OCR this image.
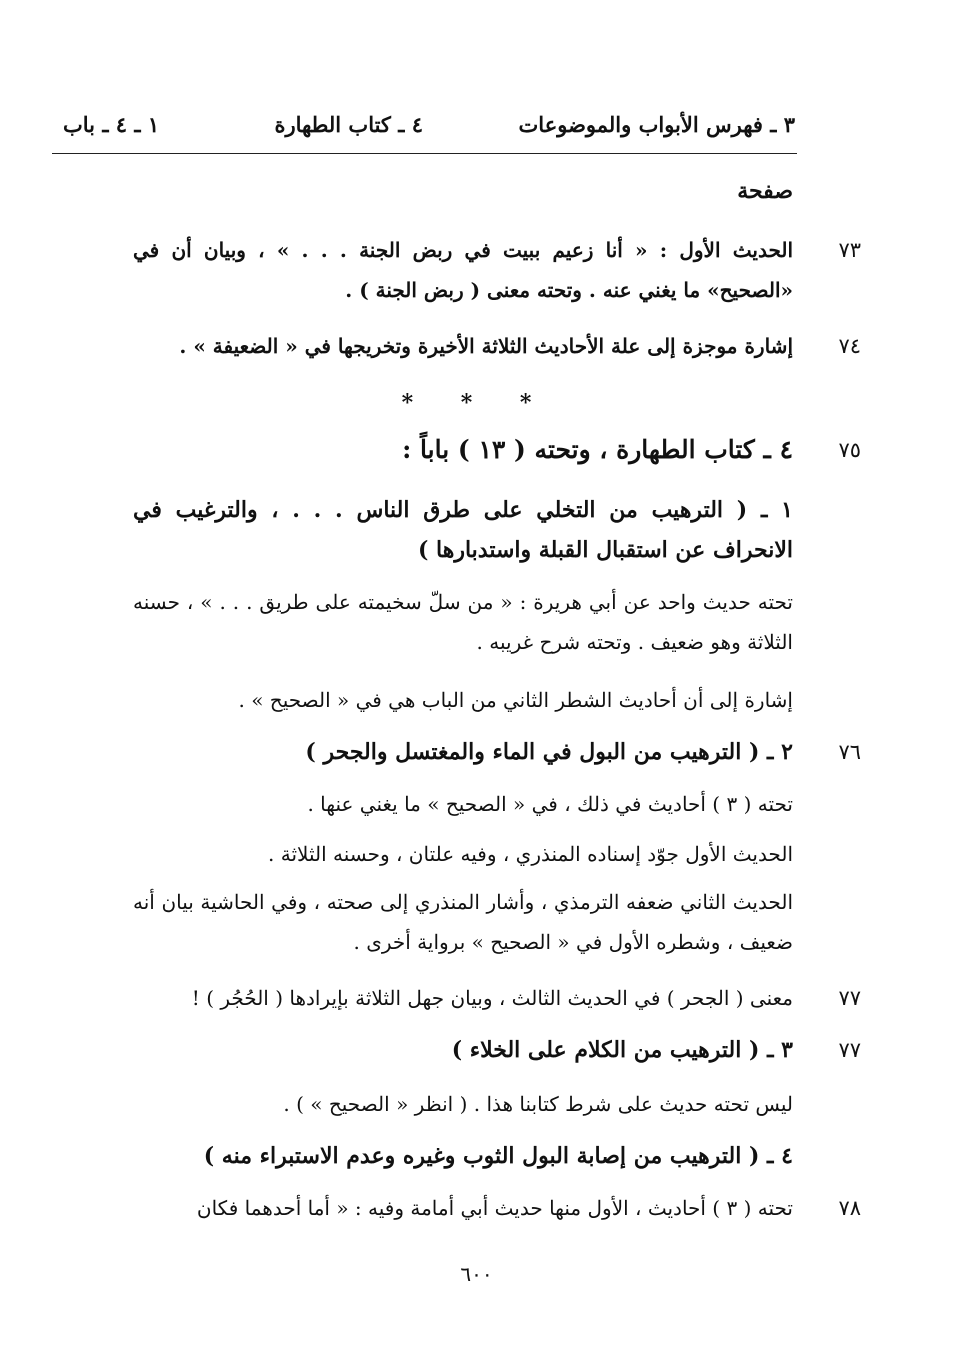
٣ ـ فهرس الأبواب والموضوعات
٤ ـ كتاب الطهارة
١ ـ ٤ ـ باب
صفحة
٧٣
الحديث الأول : « أنا زعيم ببيت في ربض الجنة . . . » ، وبيان أن في «الصحيح» ما يغني عنه . وتحته معنى ( ربض الجنة ) .
٧٤
إشارة موجزة إلى علة الأحاديث الثلاثة الأخيرة وتخريجها في « الضعيفة » .
* * *
٧٥
٤ ـ كتاب الطهارة ، وتحته ( ١٣ ) باباً :
١ ـ ( الترهيب من التخلي على طرق الناس . . . ، والترغيب في الانحراف عن استقبال القبلة واستدبارها )
تحته حديث واحد عن أبي هريرة : « من سلّ سخيمته على طريق . . . » ، حسنه الثلاثة وهو ضعيف . وتحته شرح غريبه .
إشارة إلى أن أحاديث الشطر الثاني من الباب هي في « الصحيح » .
٧٦
٢ ـ ( الترهيب من البول في الماء والمغتسل والجحر )
تحته ( ٣ ) أحاديث في ذلك ، في « الصحيح » ما يغني عنها .
الحديث الأول جوّد إسناده المنذري ، وفيه علتان ، وحسنه الثلاثة .
الحديث الثاني ضعفه الترمذي ، وأشار المنذري إلى صحته ، وفي الحاشية بيان أنه ضعيف ، وشطره الأول في « الصحيح » برواية أخرى .
٧٧
معنى ( الجحر ) في الحديث الثالث ، وبيان جهل الثلاثة بإيرادها ( الحُجُر ) !
٧٧
٣ ـ ( الترهيب من الكلام على الخلاء )
ليس تحته حديث على شرط كتابنا هذا . ( انظر « الصحيح » ) .
٤ ـ ( الترهيب من إصابة البول الثوب وغيره وعدم الاستبراء منه )
٧٨
تحته ( ٣ ) أحاديث ، الأول منها حديث أبي أمامة وفيه : « أما أحدهما فكان
٦٠٠
